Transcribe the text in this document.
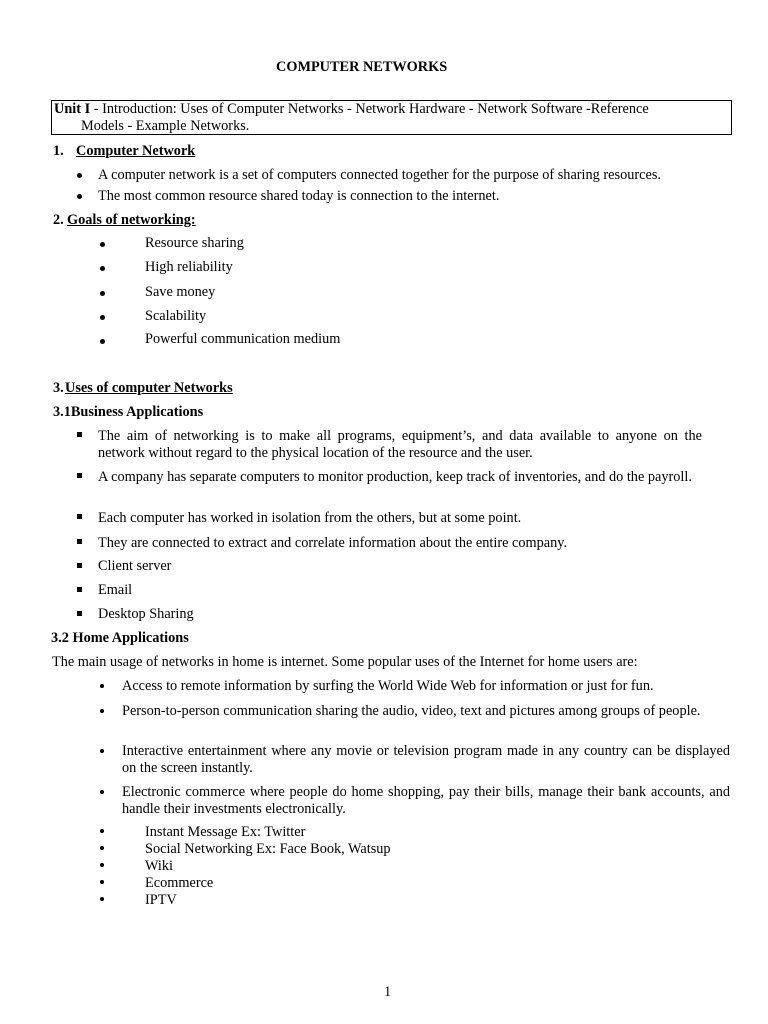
COMPUTER NETWORKS
Unit I - Introduction: Uses of Computer Networks - Network Hardware - Network Software -Reference
Models - Example Networks.
1. Computer Network
A computer network is a set of computers connected together for the purpose of sharing resources.
The most common resource shared today is connection to the internet.
2. Goals of networking:
Resource sharing
High reliability
Save money
Scalability
Powerful communication medium
3. Uses of computer Networks
3.1Business Applications
The aim of networking is to make all programs, equipment’s, and data available to anyone on the network without regard to the physical location of the resource and the user.
A company has separate computers to monitor production, keep track of inventories, and do the payroll.
Each computer has worked in isolation from the others, but at some point.
They are connected to extract and correlate information about the entire company.
Client server
Email
Desktop Sharing
3.2 Home Applications
The main usage of networks in home is internet. Some popular uses of the Internet for home users are:
Access to remote information by surfing the World Wide Web for information or just for fun.
Person-to-person communication sharing the audio, video, text and pictures among groups of people.
Interactive entertainment where any movie or television program made in any country can be displayed on the screen instantly.
Electronic commerce where people do home shopping, pay their bills, manage their bank accounts, and handle their investments electronically.
Instant Message Ex: Twitter
Social Networking Ex: Face Book, Watsup
Wiki
Ecommerce
IPTV
1
